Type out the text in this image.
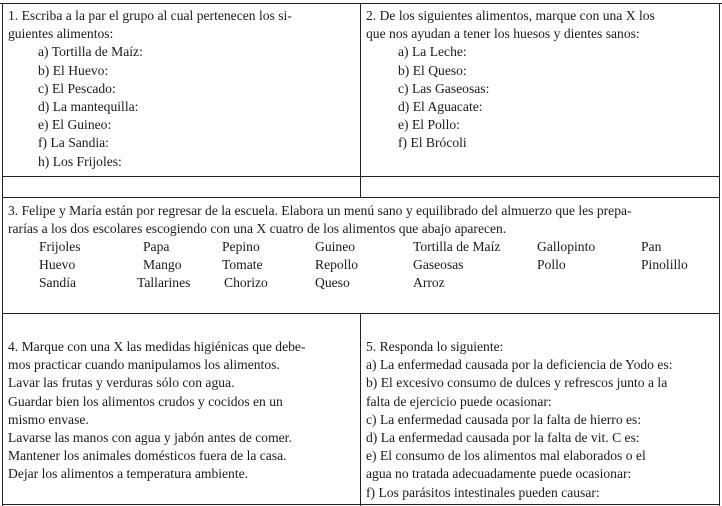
1. Escriba a la par el grupo al cual pertenecen los si-
guientes alimentos:
a) Tortilla de Maíz:
b) El Huevo:
c) El Pescado:
d) La mantequilla:
e) El Guineo:
f) La Sandia:
h) Los Frijoles:
2. De los siguientes alimentos, marque con una X los
que nos ayudan a tener los huesos y dientes sanos:
a) La Leche:
b) El Queso:
c) Las Gaseosas:
d) El Aguacate:
e) El Pollo:
f) El Brócoli
3. Felipe y María están por regresar de la escuela. Elabora un menú sano y equilibrado del almuerzo que les prepa-
rarías a los dos escolares escogiendo con una X cuatro de los alimentos que abajo aparecen.
Frijoles	Papa	Pepino	Guineo	Tortilla de Maíz	Gallopinto	Pan
Huevo	Mango	Tomate	Repollo	Gaseosas	Pollo	Pinolillo
Sandía	Tallarines Chorizo	Queso	Arroz
4. Marque con una X las medidas higiénicas que debe-
mos practicar cuando manipulamos los alimentos.
Lavar las frutas y verduras sólo con agua.
Guardar bien los alimentos crudos y cocidos en un
mismo envase.
Lavarse las manos con agua y jabón antes de comer.
Mantener los animales domésticos fuera de la casa.
Dejar los alimentos a temperatura ambiente.
5. Responda lo siguiente:
a) La enfermedad causada por la deficiencia de Yodo es:
b) El excesivo consumo de dulces y refrescos junto a la
falta de ejercicio puede ocasionar:
c) La enfermedad causada por la falta de hierro es:
d) La enfermedad causada por la falta de vit. C es:
e) El consumo de los alimentos mal elaborados o el
agua no tratada adecuadamente puede ocasionar:
f) Los parásitos intestinales pueden causar:
